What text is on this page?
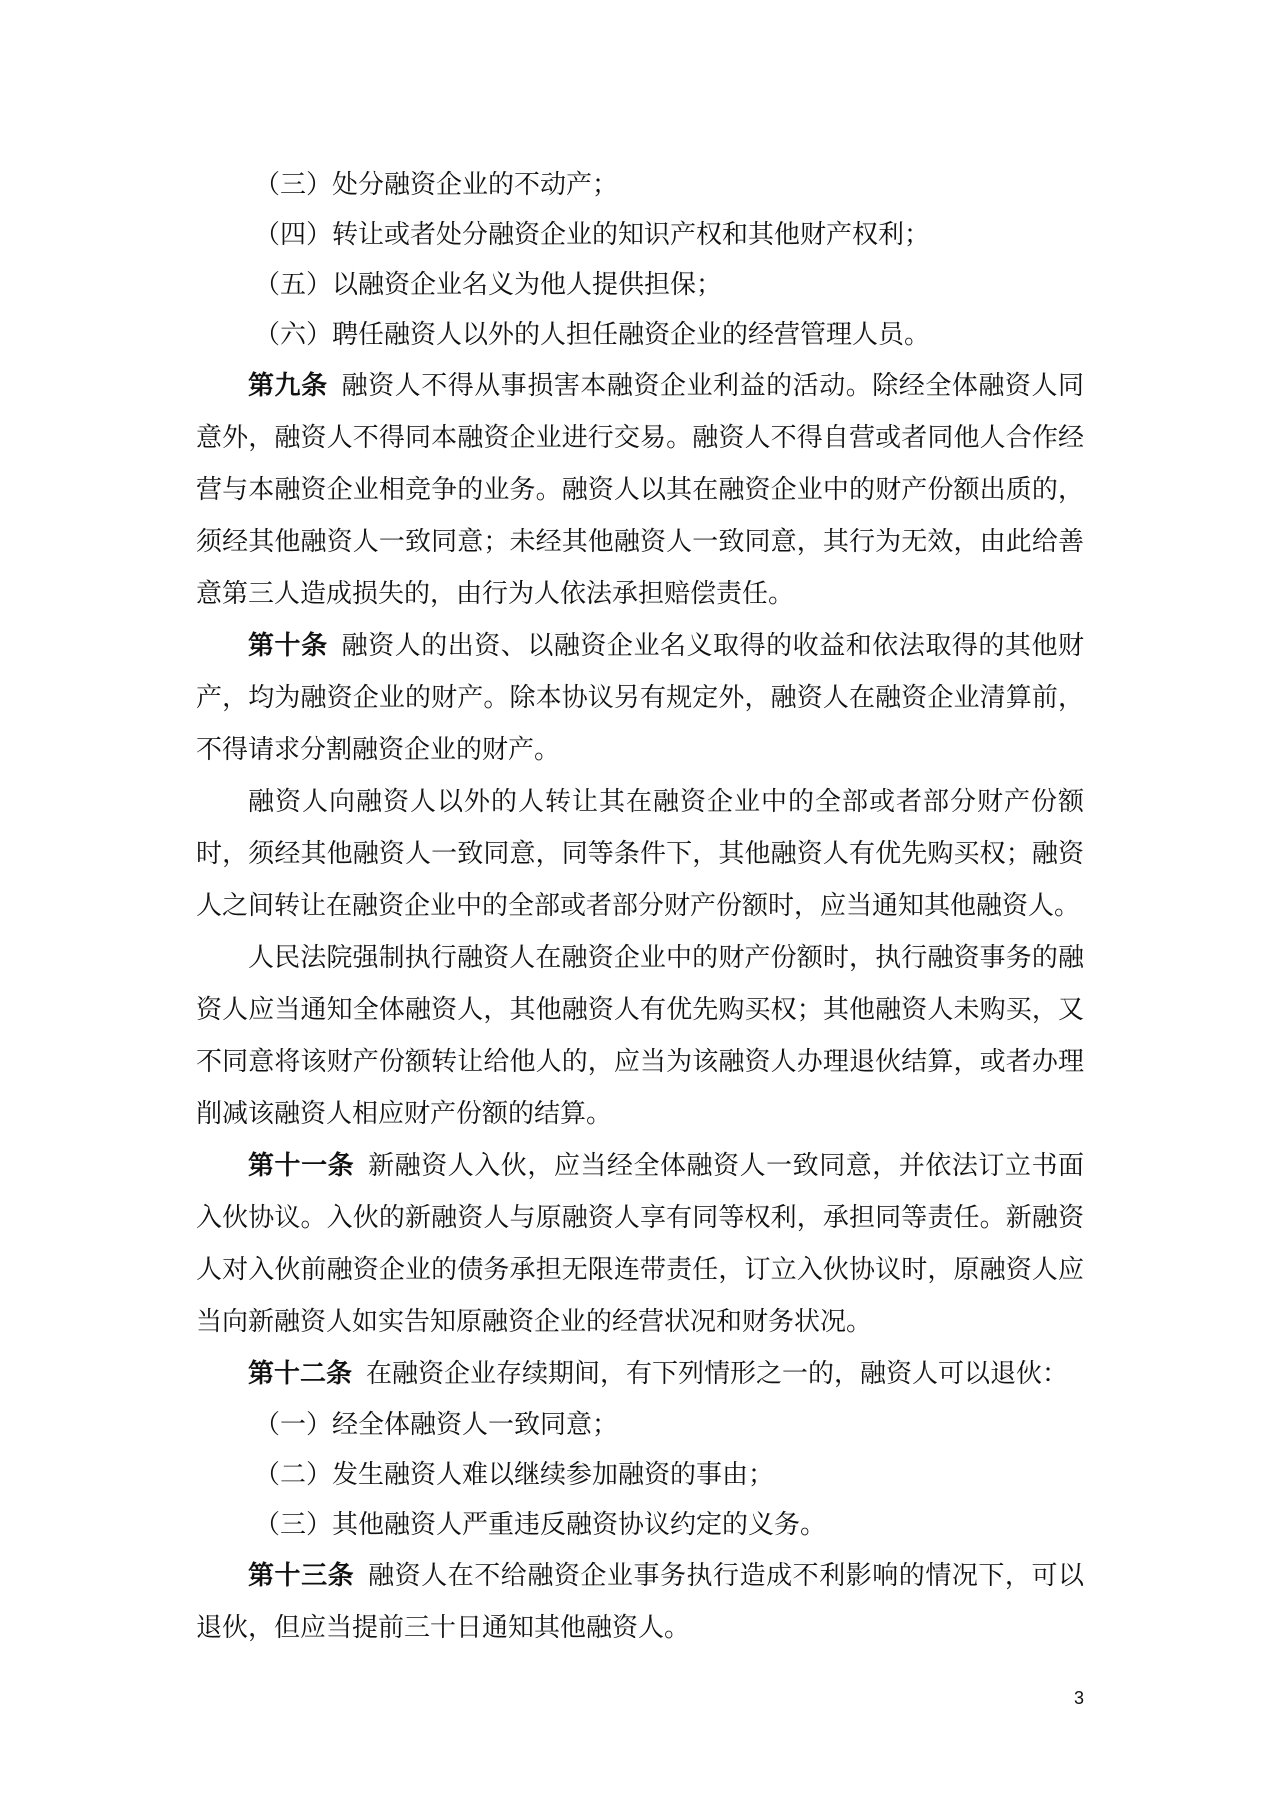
（三）处分融资企业的不动产；
（四）转让或者处分融资企业的知识产权和其他财产权利；
（五）以融资企业名义为他人提供担保；
（六）聘任融资人以外的人担任融资企业的经营管理人员。

第九条 融资人不得从事损害本融资企业利益的活动。除经全体融资人同意外，融资人不得同本融资企业进行交易。融资人不得自营或者同他人合作经营与本融资企业相竞争的业务。融资人以其在融资企业中的财产份额出质的，须经其他融资人一致同意；未经其他融资人一致同意，其行为无效，由此给善意第三人造成损失的，由行为人依法承担赔偿责任。

第十条 融资人的出资、以融资企业名义取得的收益和依法取得的其他财产，均为融资企业的财产。除本协议另有规定外，融资人在融资企业清算前，不得请求分割融资企业的财产。

融资人向融资人以外的人转让其在融资企业中的全部或者部分财产份额时，须经其他融资人一致同意，同等条件下，其他融资人有优先购买权；融资人之间转让在融资企业中的全部或者部分财产份额时，应当通知其他融资人。

人民法院强制执行融资人在融资企业中的财产份额时，执行融资事务的融资人应当通知全体融资人，其他融资人有优先购买权；其他融资人未购买，又不同意将该财产份额转让给他人的，应当为该融资人办理退伙结算，或者办理削减该融资人相应财产份额的结算。

第十一条 新融资人入伙，应当经全体融资人一致同意，并依法订立书面入伙协议。入伙的新融资人与原融资人享有同等权利，承担同等责任。新融资人对入伙前融资企业的债务承担无限连带责任，订立入伙协议时，原融资人应当向新融资人如实告知原融资企业的经营状况和财务状况。

第十二条 在融资企业存续期间，有下列情形之一的，融资人可以退伙：

（一）经全体融资人一致同意；
（二）发生融资人难以继续参加融资的事由；
（三）其他融资人严重违反融资协议约定的义务。

第十三条 融资人在不给融资企业事务执行造成不利影响的情况下，可以退伙，但应当提前三十日通知其他融资人。

3
